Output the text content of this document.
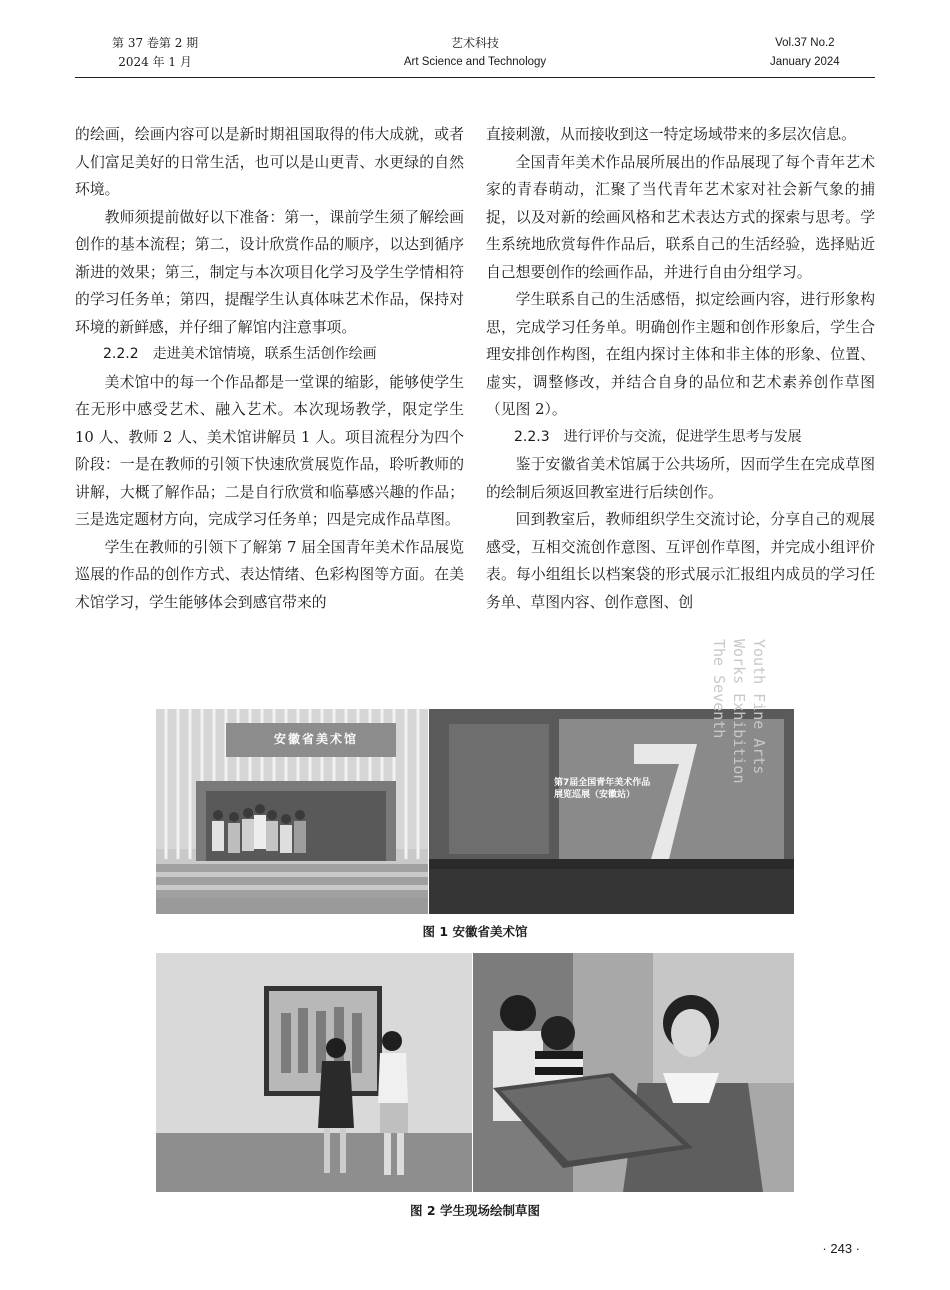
第 37 卷第 2 期
2024 年 1 月
艺术科技
Art Science and Technology
Vol.37 No.2
January 2024

的绘画，绘画内容可以是新时期祖国取得的伟大成就，或者人们富足美好的日常生活，也可以是山更青、水更绿的自然环境。

教师须提前做好以下准备：第一，课前学生须了解绘画创作的基本流程；第二，设计欣赏作品的顺序，以达到循序渐进的效果；第三，制定与本次项目化学习及学生学情相符的学习任务单；第四，提醒学生认真体味艺术作品，保持对环境的新鲜感，并仔细了解馆内注意事项。

2.2.2　走进美术馆情境，联系生活创作绘画

美术馆中的每一个作品都是一堂课的缩影，能够使学生在无形中感受艺术、融入艺术。本次现场教学，限定学生 10 人、教师 2 人、美术馆讲解员 1 人。项目流程分为四个阶段：一是在教师的引领下快速欣赏展览作品，聆听教师的讲解，大概了解作品；二是自行欣赏和临摹感兴趣的作品；三是选定题材方向，完成学习任务单；四是完成作品草图。

学生在教师的引领下了解第 7 届全国青年美术作品展览巡展的作品的创作方式、表达情绪、色彩构图等方面。在美术馆学习，学生能够体会到感官带来的

直接刺激，从而接收到这一特定场域带来的多层次信息。

全国青年美术作品展所展出的作品展现了每个青年艺术家的青春萌动，汇聚了当代青年艺术家对社会新气象的捕捉，以及对新的绘画风格和艺术表达方式的探索与思考。学生系统地欣赏每件作品后，联系自己的生活经验，选择贴近自己想要创作的绘画作品，并进行自由分组学习。

学生联系自己的生活感悟，拟定绘画内容，进行形象构思，完成学习任务单。明确创作主题和创作形象后，学生合理安排创作构图，在组内探讨主体和非主体的形象、位置、虚实，调整修改，并结合自身的品位和艺术素养创作草图（见图 2）。

2.2.3　进行评价与交流，促进学生思考与发展

鉴于安徽省美术馆属于公共场所，因而学生在完成草图的绘制后须返回教室进行后续创作。

回到教室后，教师组织学生交流讨论，分享自己的观展感受，互相交流创作意图、互评创作草图，并完成小组评价表。每小组组长以档案袋的形式展示汇报组内成员的学习任务单、草图内容、创作意图、创

安徽省美术馆
第7届全国青年美术作品展览巡展（安徽站）
Youth Fine Arts
Works Exhibition
The Seventh
图 1 安徽省美术馆
图 2 学生现场绘制草图
· 243 ·
